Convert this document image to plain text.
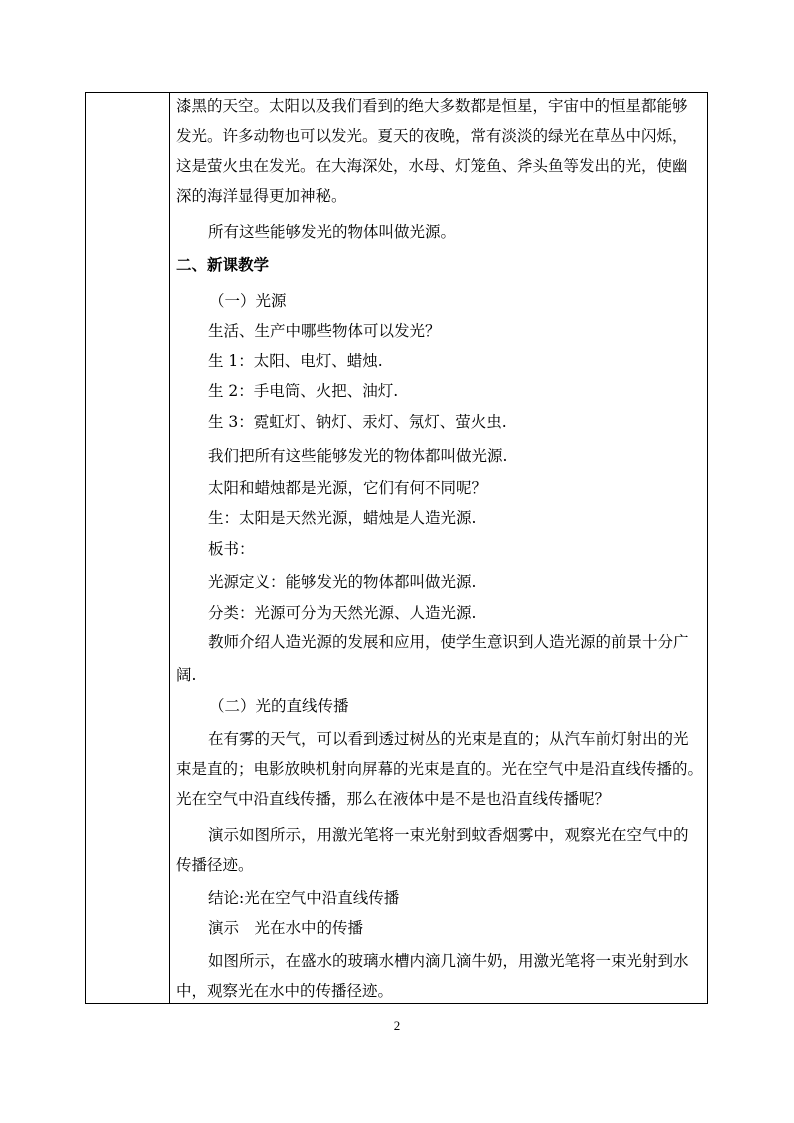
漆黑的天空。太阳以及我们看到的绝大多数都是恒星，宇宙中的恒星都能够
发光。许多动物也可以发光。夏天的夜晚，常有淡淡的绿光在草丛中闪烁，
这是萤火虫在发光。在大海深处，水母、灯笼鱼、斧头鱼等发出的光，使幽
深的海洋显得更加神秘。
所有这些能够发光的物体叫做光源。
二、新课教学
（一）光源
生活、生产中哪些物体可以发光？
生 1：太阳、电灯、蜡烛.
生 2：手电筒、火把、油灯.
生 3：霓虹灯、钠灯、汞灯、氖灯、萤火虫.
我们把所有这些能够发光的物体都叫做光源.
太阳和蜡烛都是光源，它们有何不同呢？
生：太阳是天然光源，蜡烛是人造光源.
板书：
光源定义：能够发光的物体都叫做光源.
分类：光源可分为天然光源、人造光源.
教师介绍人造光源的发展和应用，使学生意识到人造光源的前景十分广
阔.
（二）光的直线传播
在有雾的天气，可以看到透过树丛的光束是直的；从汽车前灯射出的光
束是直的；电影放映机射向屏幕的光束是直的。光在空气中是沿直线传播的。
光在空气中沿直线传播，那么在液体中是不是也沿直线传播呢？
演示如图所示，用激光笔将一束光射到蚊香烟雾中，观察光在空气中的
传播径迹。
结论:光在空气中沿直线传播
演示　光在水中的传播
如图所示，在盛水的玻璃水槽内滴几滴牛奶，用激光笔将一束光射到水
中，观察光在水中的传播径迹。
2
